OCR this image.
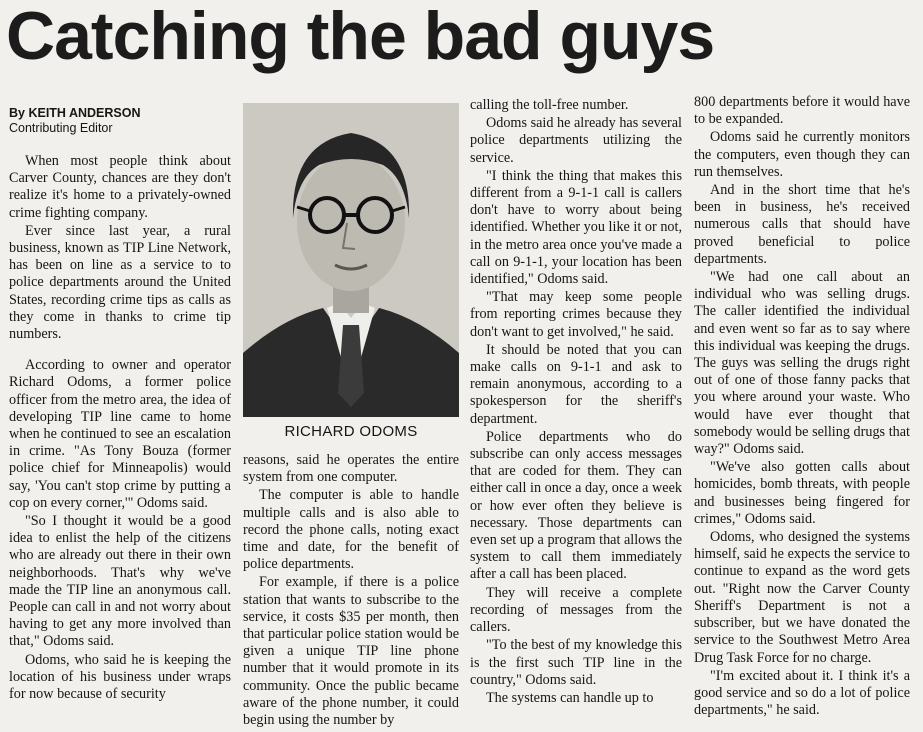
Catching the bad guys

By KEITH ANDERSON

Contributing Editor

RICHARD ODOMS

When most people think about Carver County, chances are they don't realize it's home to a privately-owned crime fighting company.

Ever since last year, a rural business, known as TIP Line Network, has been on line as a service to to police departments around the United States, recording crime tips as calls as they come in thanks to crime tip numbers.

According to owner and operator Richard Odoms, a former police officer from the metro area, the idea of developing TIP line came to home when he continued to see an escalation in crime. "As Tony Bouza (former police chief for Minneapolis) would say, 'You can't stop crime by putting a cop on every corner,'" Odoms said.

"So I thought it would be a good idea to enlist the help of the citizens who are already out there in their own neighborhoods. That's why we've made the TIP line an anonymous call. People can call in and not worry about having to get any more involved than that," Odoms said.

Odoms, who said he is keeping the location of his business under wraps for now because of security

reasons, said he operates the entire system from one computer.

The computer is able to handle multiple calls and is also able to record the phone calls, noting exact time and date, for the benefit of police departments.

For example, if there is a police station that wants to subscribe to the service, it costs $35 per month, then that particular police station would be given a unique TIP line phone number that it would promote in its community. Once the public became aware of the phone number, it could begin using the number by

calling the toll-free number.

Odoms said he already has several police departments utilizing the service.

"I think the thing that makes this different from a 9-1-1 call is callers don't have to worry about being identified. Whether you like it or not, in the metro area once you've made a call on 9-1-1, your location has been identified," Odoms said.

"That may keep some people from reporting crimes because they don't want to get involved," he said.

It should be noted that you can make calls on 9-1-1 and ask to remain anonymous, according to a spokesperson for the sheriff's department.

Police departments who do subscribe can only access messages that are coded for them. They can either call in once a day, once a week or how ever often they believe is necessary. Those departments can even set up a program that allows the system to call them immediately after a call has been placed.

They will receive a complete recording of messages from the callers.

"To the best of my knowledge this is the first such TIP line in the country," Odoms said.

The systems can handle up to

800 departments before it would have to be expanded.

Odoms said he currently monitors the computers, even though they can run themselves.

And in the short time that he's been in business, he's received numerous calls that should have proved beneficial to police departments.

"We had one call about an individual who was selling drugs. The caller identified the individual and even went so far as to say where this individual was keeping the drugs. The guys was selling the drugs right out of one of those fanny packs that you where around your waste. Who would have ever thought that somebody would be selling drugs that way?" Odoms said.

"We've also gotten calls about homicides, bomb threats, with people and businesses being fingered for crimes," Odoms said.

Odoms, who designed the systems himself, said he expects the service to continue to expand as the word gets out. "Right now the Carver County Sheriff's Department is not a subscriber, but we have donated the service to the Southwest Metro Area Drug Task Force for no charge.

"I'm excited about it. I think it's a good service and so do a lot of police departments," he said.
